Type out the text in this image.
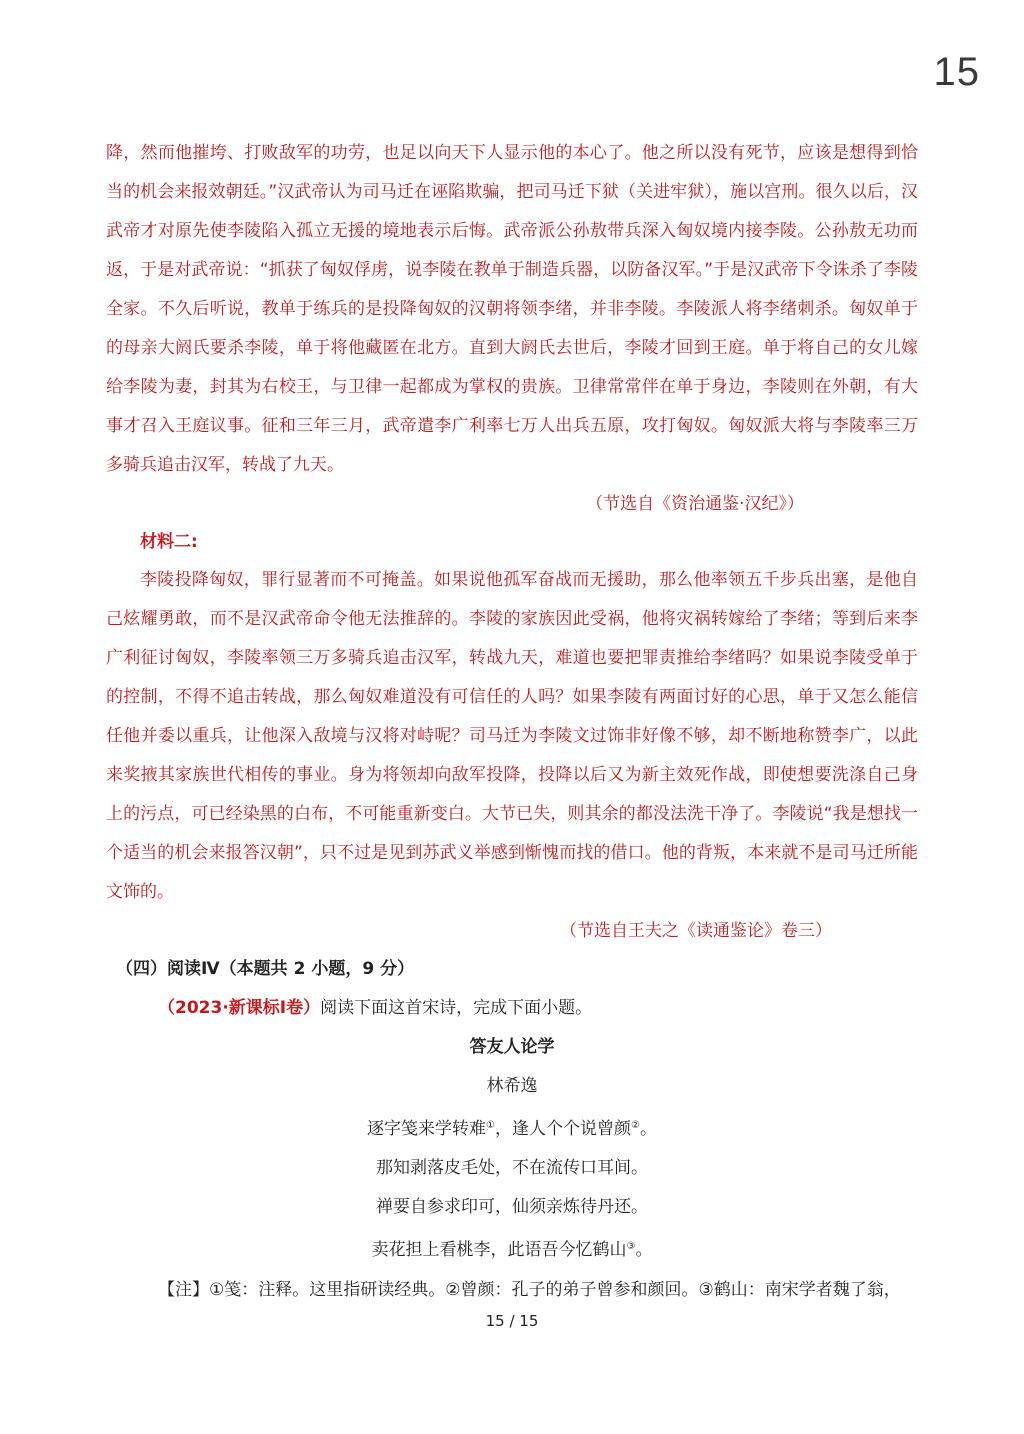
15

降，然而他摧垮、打败敌军的功劳，也足以向天下人显示他的本心了。他之所以没有死节，应该是想得到恰当的机会来报效朝廷。”汉武帝认为司马迁在诬陷欺骗，把司马迁下狱（关进牢狱），施以宫刑。很久以后，汉武帝才对原先使李陵陷入孤立无援的境地表示后悔。武帝派公孙敖带兵深入匈奴境内接李陵。公孙敖无功而返，于是对武帝说：“抓获了匈奴俘虏，说李陵在教单于制造兵器，以防备汉军。”于是汉武帝下令诛杀了李陵全家。不久后听说，教单于练兵的是投降匈奴的汉朝将领李绪，并非李陵。李陵派人将李绪刺杀。匈奴单于的母亲大阏氏要杀李陵，单于将他藏匿在北方。直到大阏氏去世后，李陵才回到王庭。单于将自己的女儿嫁给李陵为妻，封其为右校王，与卫律一起都成为掌权的贵族。卫律常常伴在单于身边，李陵则在外朝，有大事才召入王庭议事。征和三年三月，武帝遣李广利率七万人出兵五原，攻打匈奴。匈奴派大将与李陵率三万多骑兵追击汉军，转战了九天。

（节选自《资治通鉴·汉纪》）

材料二:

李陵投降匈奴，罪行显著而不可掩盖。如果说他孤军奋战而无援助，那么他率领五千步兵出塞，是他自己炫耀勇敢，而不是汉武帝命令他无法推辞的。李陵的家族因此受祸，他将灾祸转嫁给了李绪；等到后来李广利征讨匈奴，李陵率领三万多骑兵追击汉军，转战九天，难道也要把罪责推给李绪吗？如果说李陵受单于的控制，不得不追击转战，那么匈奴难道没有可信任的人吗？如果李陵有两面讨好的心思，单于又怎么能信任他并委以重兵，让他深入敌境与汉将对峙呢？司马迁为李陵文过饰非好像不够，却不断地称赞李广，以此来奖掖其家族世代相传的事业。身为将领却向敌军投降，投降以后又为新主效死作战，即使想要洗涤自己身上的污点，可已经染黑的白布，不可能重新变白。大节已失，则其余的都没法洗干净了。李陵说“我是想找一个适当的机会来报答汉朝”，只不过是见到苏武义举感到惭愧而找的借口。他的背叛，本来就不是司马迁所能文饰的。

（节选自王夫之《读通鉴论》卷三）

（四）阅读Ⅳ（本题共 2 小题，9 分）

（2023·新课标Ⅰ卷）阅读下面这首宋诗，完成下面小题。

答友人论学

林希逸

逐字笺来学转难①，逢人个个说曾颜②。

那知剥落皮毛处，不在流传口耳间。

禅要自参求印可，仙须亲炼待丹还。

卖花担上看桃李，此语吾今忆鹤山③。

【注】①笺：注释。这里指研读经典。②曾颜：孔子的弟子曾参和颜回。③鹤山：南宋学者魏了翁，

15 / 15
